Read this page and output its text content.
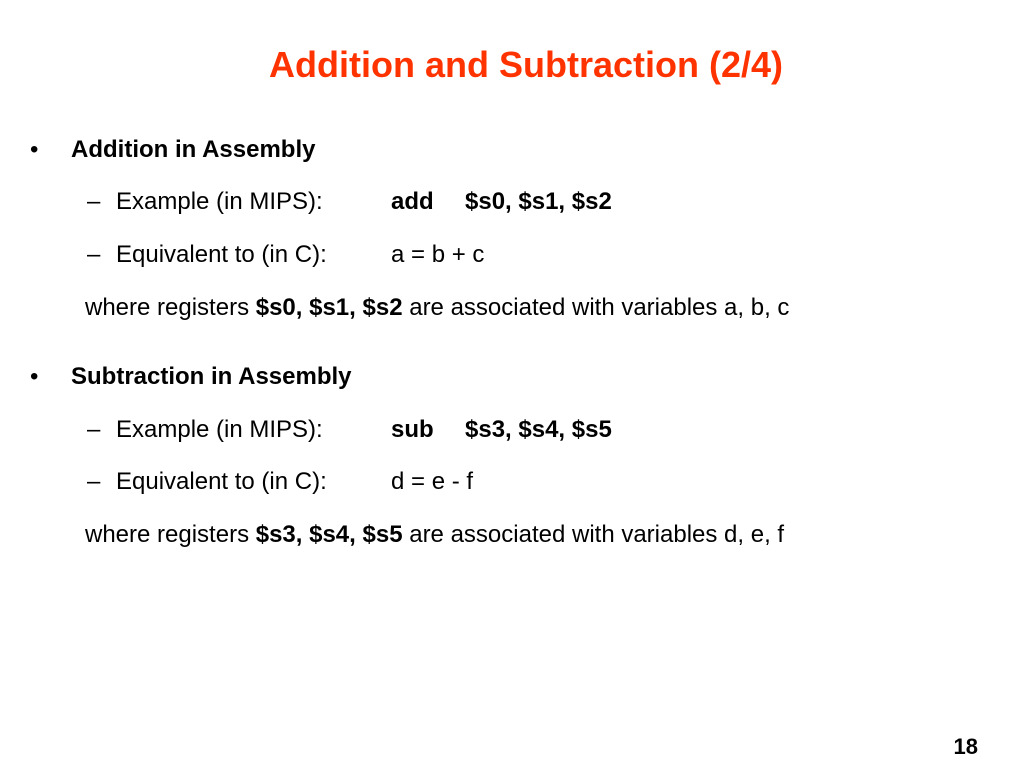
Addition and Subtraction (2/4)
• Addition in Assembly
– Example (in MIPS):	add $s0, $s1, $s2
– Equivalent to (in C):	a = b + c
where registers $s0, $s1, $s2 are associated with variables a, b, c
• Subtraction in Assembly
– Example (in MIPS):	sub $s3, $s4, $s5
– Equivalent to (in C):	d = e - f
where registers $s3, $s4, $s5 are associated with variables d, e, f
18
